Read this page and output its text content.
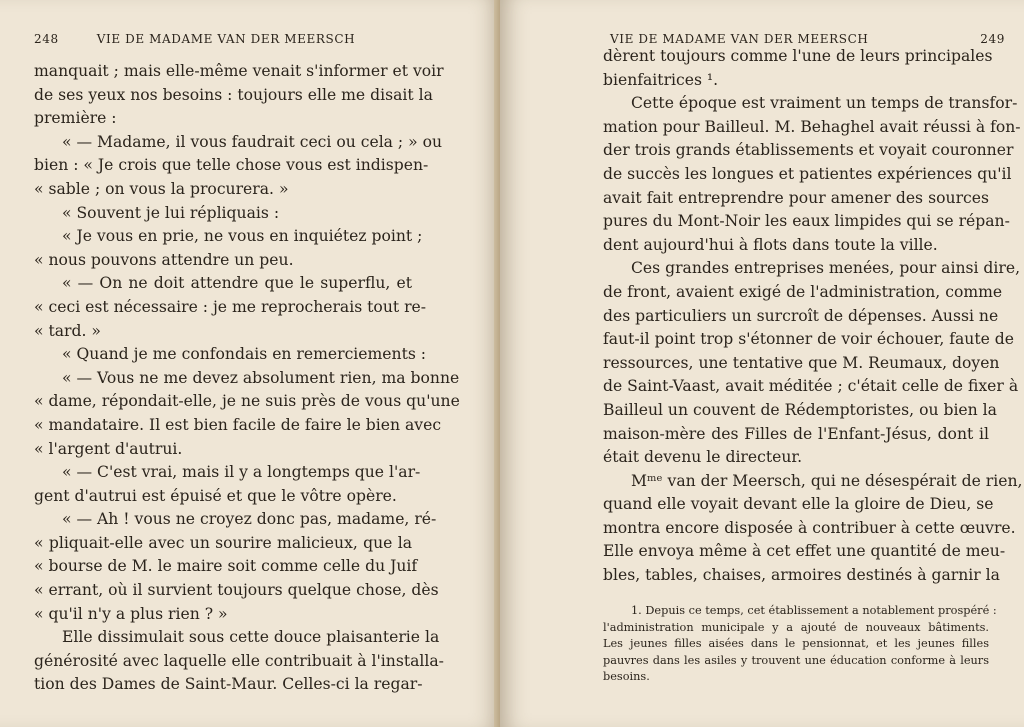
248	VIE DE MADAME VAN DER MEERSCH
manquait ; mais elle-même venait s'informer et voir
de ses yeux nos besoins : toujours elle me disait la
première :
« — Madame, il vous faudrait ceci ou cela ; » ou
bien : « Je crois que telle chose vous est indispen-
« sable ; on vous la procurera. »
« Souvent je lui répliquais :
« Je vous en prie, ne vous en inquiétez point ;
« nous pouvons attendre un peu.
« — On ne doit attendre que le superflu, et
« ceci est nécessaire : je me reprocherais tout re-
« tard. »
« Quand je me confondais en remerciements :
« — Vous ne me devez absolument rien, ma bonne
« dame, répondait-elle, je ne suis près de vous qu'une
« mandataire. Il est bien facile de faire le bien avec
« l'argent d'autrui.
« — C'est vrai, mais il y a longtemps que l'ar-
gent d'autrui est épuisé et que le vôtre opère.
« — Ah ! vous ne croyez donc pas, madame, ré-
« pliquait-elle avec un sourire malicieux, que la
« bourse de M. le maire soit comme celle du Juif
« errant, où il survient toujours quelque chose, dès
« qu'il n'y a plus rien ? »
Elle dissimulait sous cette douce plaisanterie la
générosité avec laquelle elle contribuait à l'installa-
tion des Dames de Saint-Maur. Celles-ci la regar-
VIE DE MADAME VAN DER MEERSCH	249
dèrent toujours comme l'une de leurs principales
bienfaitrices ¹.
Cette époque est vraiment un temps de transfor-
mation pour Bailleul. M. Behaghel avait réussi à fon-
der trois grands établissements et voyait couronner
de succès les longues et patientes expériences qu'il
avait fait entreprendre pour amener des sources
pures du Mont-Noir les eaux limpides qui se répan-
dent aujourd'hui à flots dans toute la ville.
Ces grandes entreprises menées, pour ainsi dire,
de front, avaient exigé de l'administration, comme
des particuliers un surcroît de dépenses. Aussi ne
faut-il point trop s'étonner de voir échouer, faute de
ressources, une tentative que M. Reumaux, doyen
de Saint-Vaast, avait méditée ; c'était celle de fixer à
Bailleul un couvent de Rédemptoristes, ou bien la
maison-mère des Filles de l'Enfant-Jésus, dont il
était devenu le directeur.
Mᵐᵉ van der Meersch, qui ne désespérait de rien,
quand elle voyait devant elle la gloire de Dieu, se
montra encore disposée à contribuer à cette œuvre.
Elle envoya même à cet effet une quantité de meu-
bles, tables, chaises, armoires destinés à garnir la
1. Depuis ce temps, cet établissement a notablement prospéré :
l'administration municipale y a ajouté de nouveaux bâtiments.
Les jeunes filles aisées dans le pensionnat, et les jeunes filles
pauvres dans les asiles y trouvent une éducation conforme à leurs
besoins.
